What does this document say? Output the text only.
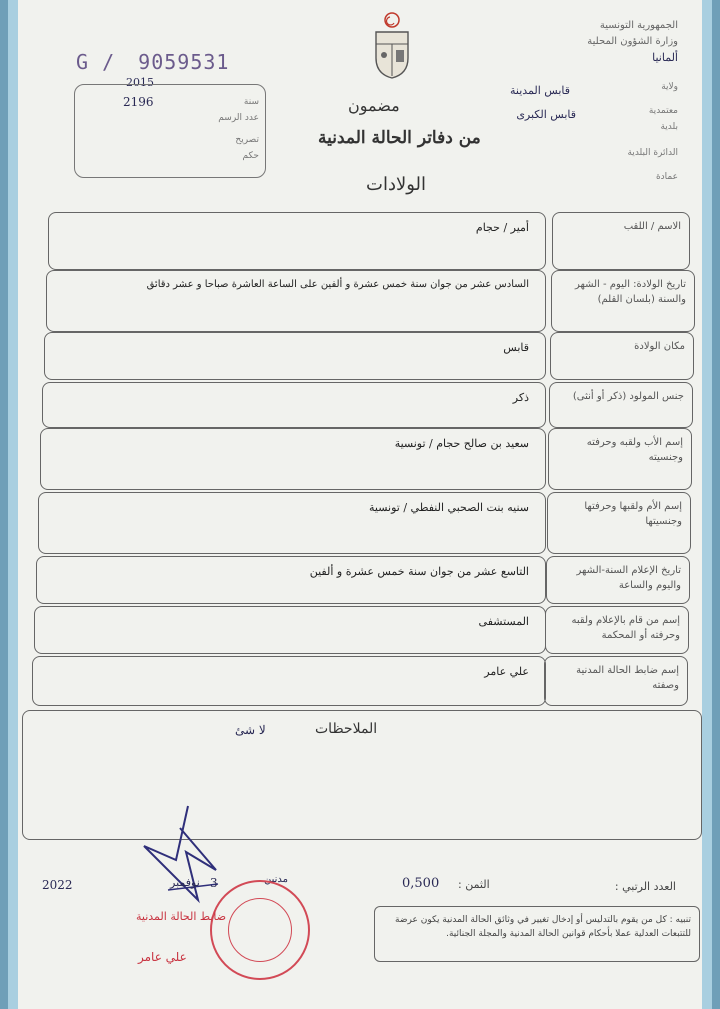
G / 9059531
2015
2196	سنة
عدد الرسم
تصريح
حكم
الجمهورية التونسية
وزارة الشؤون المحلية
ألمانيا
ولاية
قابس المدينة
معتمدية
قابس الكبرى
بلدية
الدائرة البلدية
عمادة
مضمون
من دفاتر الحالة المدنية
الولادات
أمير / حجام	الاسم / اللقب
السادس عشر من جوان سنة خمس عشرة و ألفين على الساعة العاشرة صباحا و عشر دقائق	تاريخ الولادة: اليوم - الشهر والسنة (بلسان القلم)
قابس	مكان الولادة
ذكر	جنس المولود (ذكر أو أنثى)
سعيد بن صالح حجام / تونسية	إسم الأب ولقبه وحرفته وجنسيته
سنيه بنت الصحبي النفطي / تونسية	إسم الأم ولقبها وحرفتها وجنسيتها
التاسع عشر من جوان سنة خمس عشرة و ألفين	تاريخ الإعلام السنة-الشهر واليوم والساعة
المستشفى	إسم من قام بالإعلام ولقبه وحرفته أو المحكمة
علي عامر	إسم ضابط الحالة المدنية وصفته
الملاحظات
لا شئ
العدد الرتبي :
الثمن :
0,500
مدنين
3
نوفمبر
2022
ضابط الحالة المدنية
علي عامر
تنبيه : كل من يقوم بالتدليس أو إدخال تغيير في وثائق الحالة المدنية يكون عرضة للتتبعات العدلية عملا بأحكام قوانين الحالة المدنية والمجلة الجنائية.
